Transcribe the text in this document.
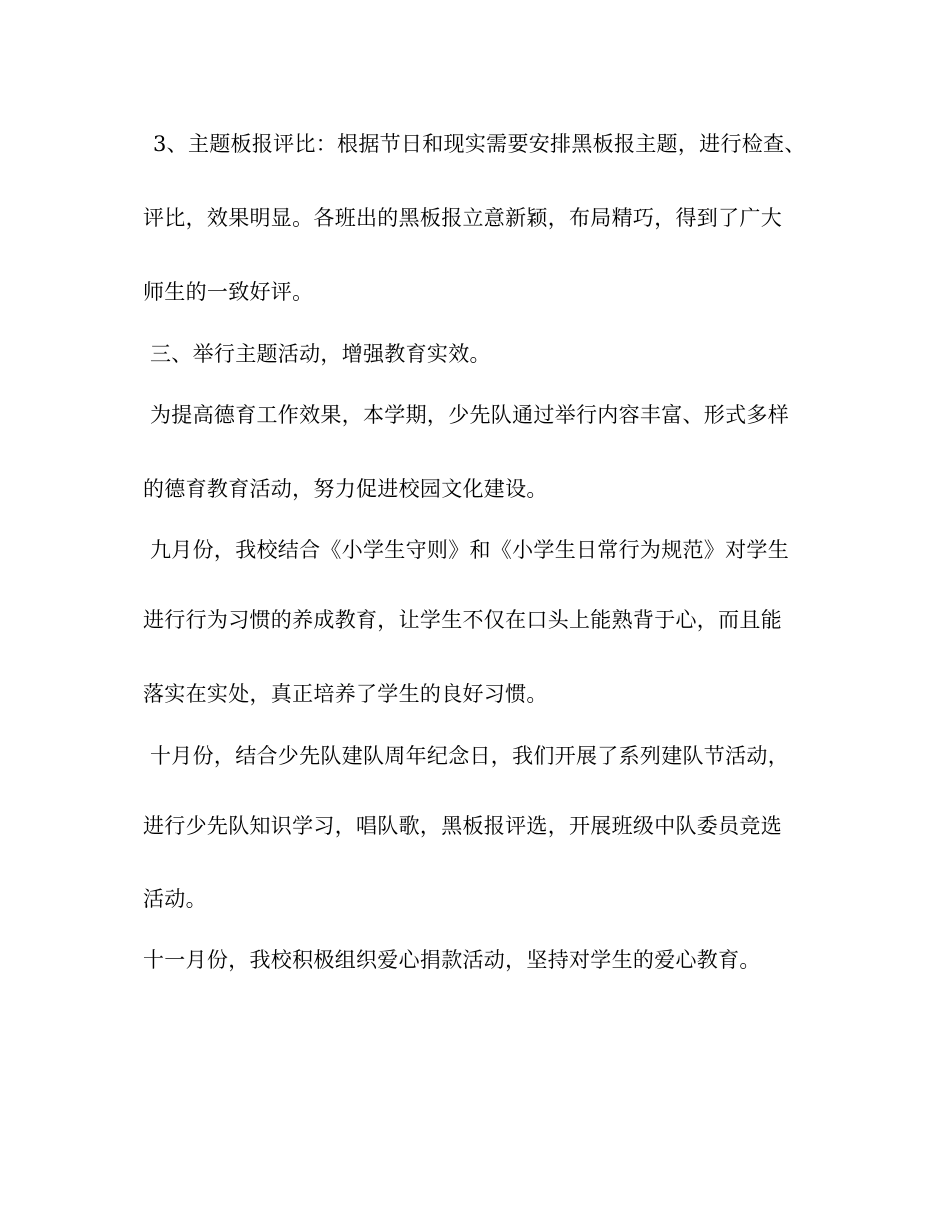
3、主题板报评比：根据节日和现实需要安排黑板报主题，进行检查、
评比，效果明显。各班出的黑板报立意新颖，布局精巧，得到了广大
师生的一致好评。
三、举行主题活动，增强教育实效。
为提高德育工作效果，本学期，少先队通过举行内容丰富、形式多样
的德育教育活动，努力促进校园文化建设。
九月份，我校结合《小学生守则》和《小学生日常行为规范》对学生
进行行为习惯的养成教育，让学生不仅在口头上能熟背于心，而且能
落实在实处，真正培养了学生的良好习惯。
十月份，结合少先队建队周年纪念日，我们开展了系列建队节活动，
进行少先队知识学习，唱队歌，黑板报评选，开展班级中队委员竞选
活动。
十一月份，我校积极组织爱心捐款活动，坚持对学生的爱心教育。
